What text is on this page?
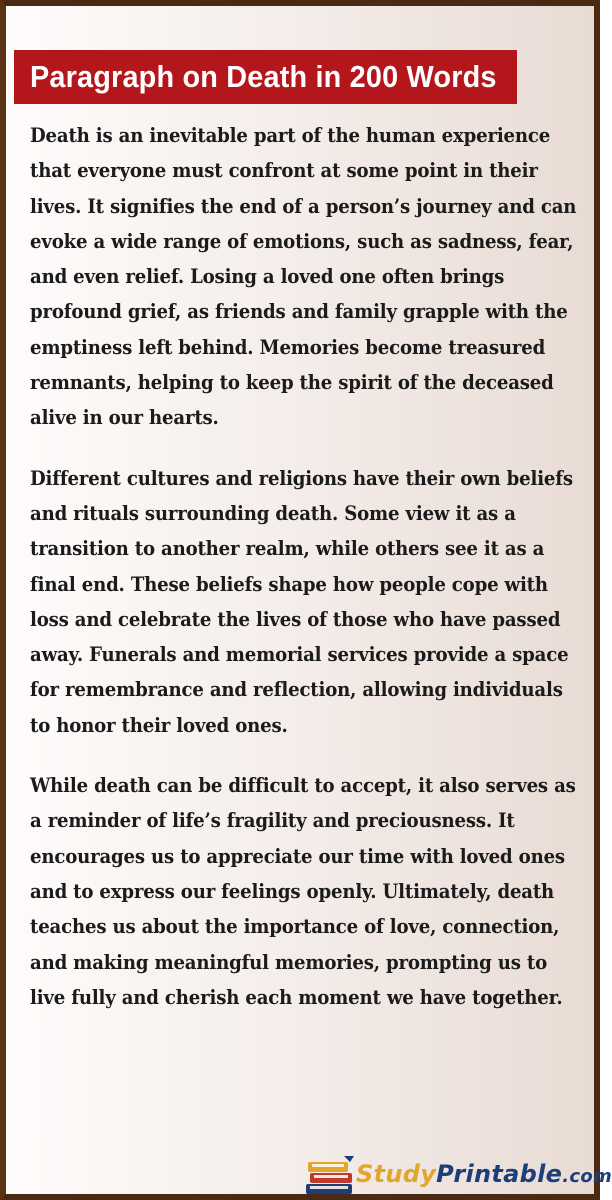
Paragraph on Death in 200 Words

Death is an inevitable part of the human experience that everyone must confront at some point in their lives. It signifies the end of a person’s journey and can evoke a wide range of emotions, such as sadness, fear, and even relief. Losing a loved one often brings profound grief, as friends and family grapple with the emptiness left behind. Memories become treasured remnants, helping to keep the spirit of the deceased alive in our hearts.

Different cultures and religions have their own beliefs and rituals surrounding death. Some view it as a transition to another realm, while others see it as a final end. These beliefs shape how people cope with loss and celebrate the lives of those who have passed away. Funerals and memorial services provide a space for remembrance and reflection, allowing individuals to honor their loved ones.

While death can be difficult to accept, it also serves as a reminder of life’s fragility and preciousness. It encourages us to appreciate our time with loved ones and to express our feelings openly. Ultimately, death teaches us about the importance of love, connection, and making meaningful memories, prompting us to live fully and cherish each moment we have together.

StudyPrintable.com
